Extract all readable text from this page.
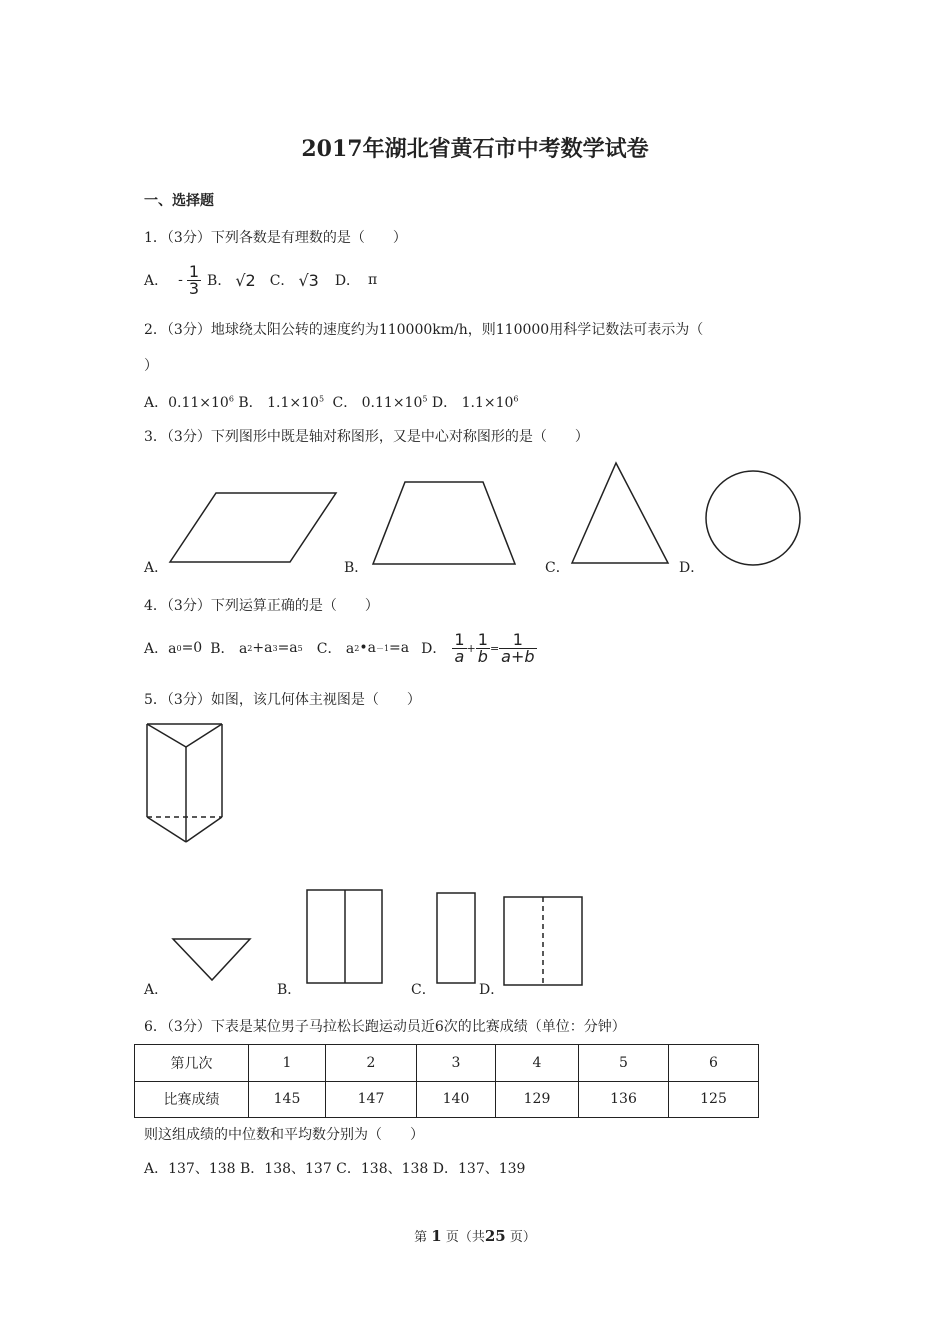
2017年湖北省黄石市中考数学试卷
一、选择题
1．（3分）下列各数是有理数的是（　　）
A． - $\frac{1}{3}$ B． √2 C． √3 D． π
2．（3分）地球绕太阳公转的速度约为110000km/h，则110000用科学记数法可表示为（
）
A．$0.11\times 10^6$ B． $1.1\times 10^5$ C． $0.11\times 10^5$ D． $1.1\times 10^6$
3．（3分）下列图形中既是轴对称图形，又是中心对称图形的是（　　）
A．	B．	C．	D．
4．（3分）下列运算正确的是（　　）
A．a 0 =0 B． a 2 +a 3 =a 5 C． a 2 •a －1 =a D． $\frac{1}{a} + \frac{1}{b} = \frac{1}{a+b}$
5．（3分）如图，该几何体主视图是（　　）
A．	B．	C．	D．
6．（3分）下表是某位男子马拉松长跑运动员近6次的比赛成绩（单位：分钟）
第几次	1	2	3	4	5	6
比赛成绩	145	147	140	129	136	125
则这组成绩的中位数和平均数分别为（　　）
A．137、138 B．138、137 C．138、138 D．137、139
第 1 页（共25 页）
